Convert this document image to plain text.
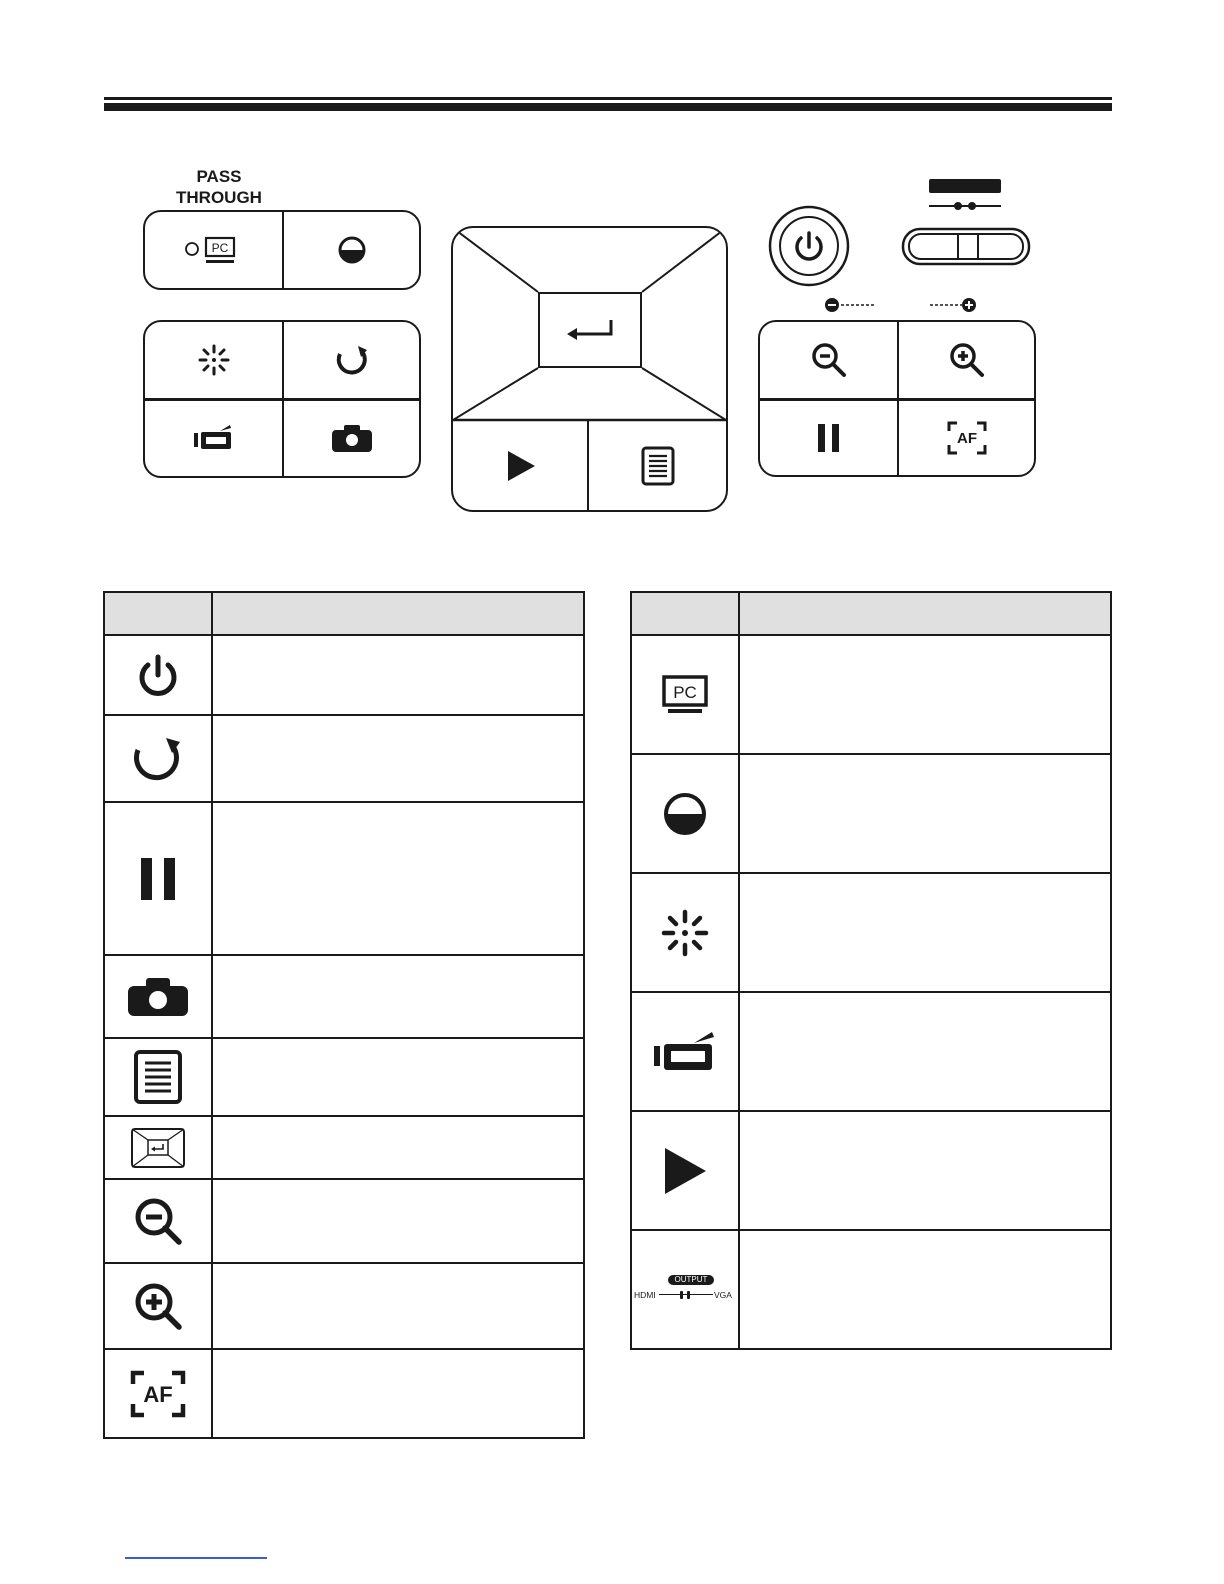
PASS
THROUGH
PC
AF

AF	

PC	

OUTPUT
HDMI VGA	
